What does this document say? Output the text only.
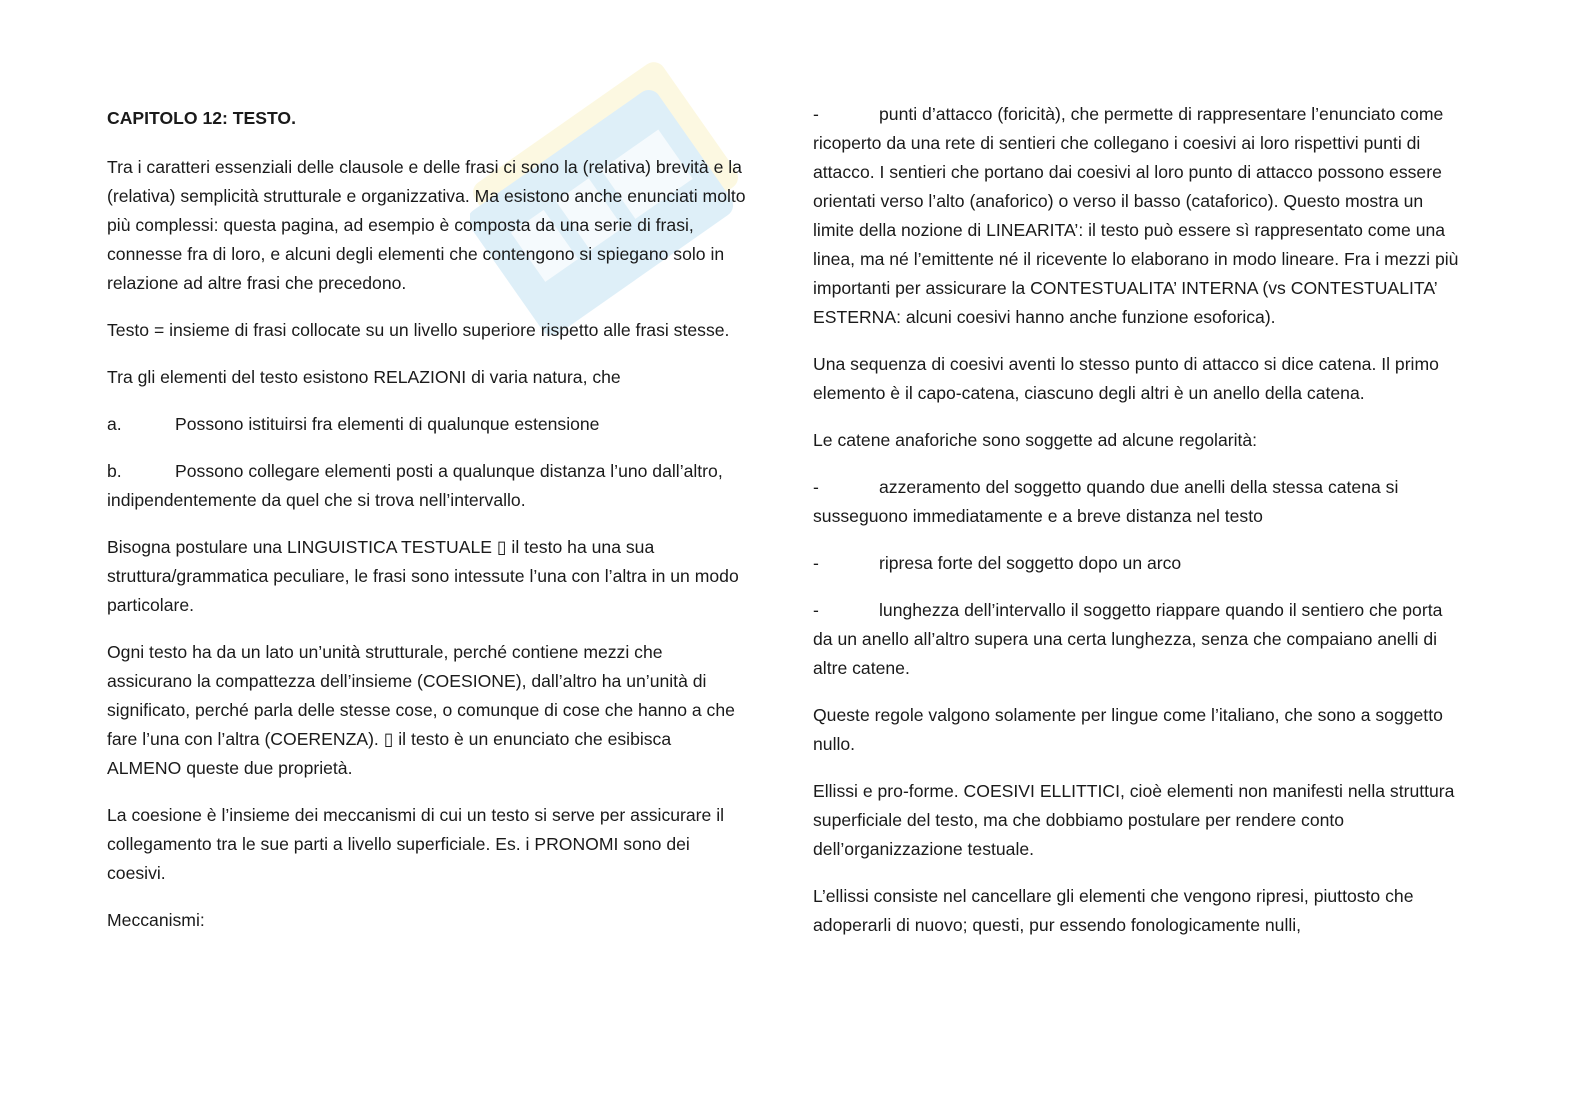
CAPITOLO 12: TESTO.

Tra i caratteri essenziali delle clausole e delle frasi ci sono la (relativa) brevità e la (relativa) semplicità strutturale e organizzativa. Ma esistono anche enunciati molto più complessi: questa pagina, ad esempio è composta da una serie di frasi, connesse fra di loro, e alcuni degli elementi che contengono si spiegano solo in relazione ad altre frasi che precedono.

Testo = insieme di frasi collocate su un livello superiore rispetto alle frasi stesse.

Tra gli elementi del testo esistono RELAZIONI di varia natura, che

a.	Possono istituirsi fra elementi di qualunque estensione
b.	Possono collegare elementi posti a qualunque distanza l’uno dall’altro, indipendentemente da quel che si trova nell’intervallo.

Bisogna postulare una LINGUISTICA TESTUALE ▯ il testo ha una sua struttura/grammatica peculiare, le frasi sono intessute l’una con l’altra in un modo particolare.

Ogni testo ha da un lato un’unità strutturale, perché contiene mezzi che assicurano la compattezza dell’insieme (COESIONE), dall’altro ha un’unità di significato, perché parla delle stesse cose, o comunque di cose che hanno a che fare l’una con l’altra (COERENZA). ▯ il testo è un enunciato che esibisca ALMENO queste due proprietà.

La coesione è l’insieme dei meccanismi di cui un testo si serve per assicurare il collegamento tra le sue parti a livello superficiale. Es. i PRONOMI sono dei coesivi.

Meccanismi:

-	punti d’attacco (foricità), che permette di rappresentare l’enunciato come ricoperto da una rete di sentieri che collegano i coesivi ai loro rispettivi punti di attacco. I sentieri che portano dai coesivi al loro punto di attacco possono essere orientati verso l’alto (anaforico) o verso il basso (cataforico). Questo mostra un limite della nozione di LINEARITA’: il testo può essere sì rappresentato come una linea, ma né l’emittente né il ricevente lo elaborano in modo lineare. Fra i mezzi più importanti per assicurare la CONTESTUALITA’ INTERNA (vs CONTESTUALITA’ ESTERNA: alcuni coesivi hanno anche funzione esoforica).

Una sequenza di coesivi aventi lo stesso punto di attacco si dice catena. Il primo elemento è il capo-catena, ciascuno degli altri è un anello della catena.

Le catene anaforiche sono soggette ad alcune regolarità:

-	azzeramento del soggetto quando due anelli della stessa catena si susseguono immediatamente e a breve distanza nel testo
-	ripresa forte del soggetto dopo un arco
-	lunghezza dell’intervallo il soggetto riappare quando il sentiero che porta da un anello all’altro supera una certa lunghezza, senza che compaiano anelli di altre catene.

Queste regole valgono solamente per lingue come l’italiano, che sono a soggetto nullo.

Ellissi e pro-forme. COESIVI ELLITTICI, cioè elementi non manifesti nella struttura superficiale del testo, ma che dobbiamo postulare per rendere conto dell’organizzazione testuale.

L’ellissi consiste nel cancellare gli elementi che vengono ripresi, piuttosto che adoperarli di nuovo; questi, pur essendo fonologicamente nulli,
